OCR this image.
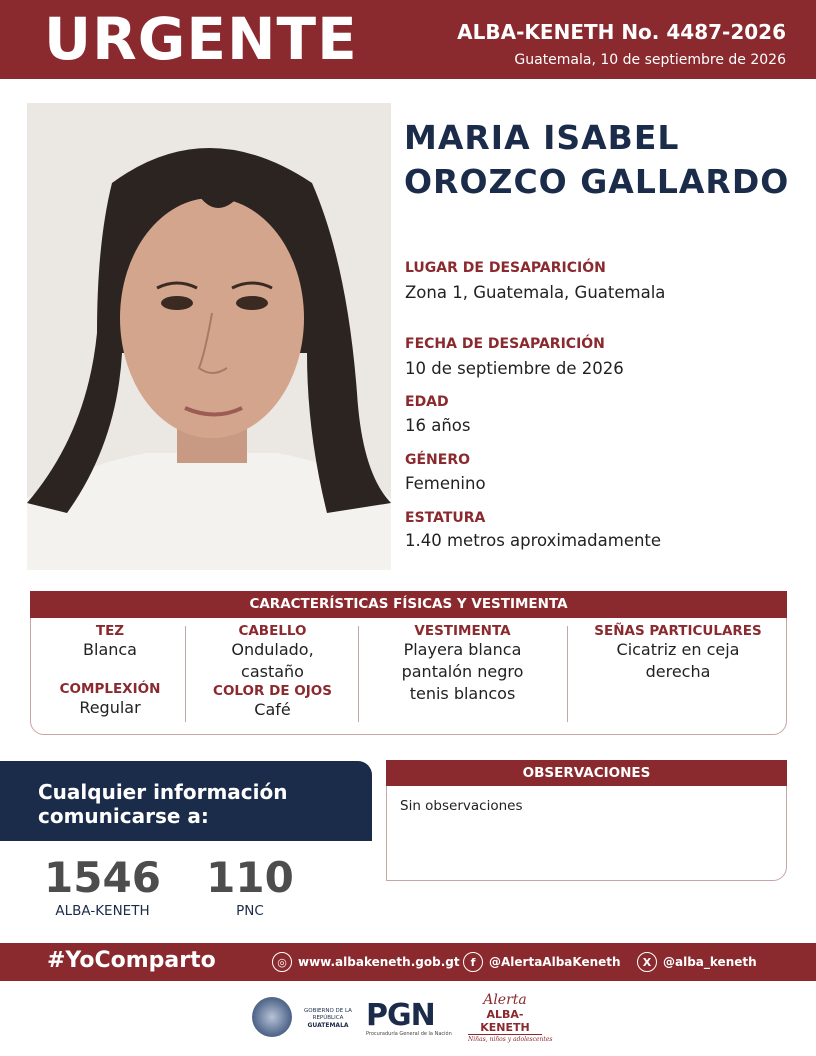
URGENTE	ALBA-KENETH No. 4487-2026
Guatemala, 10 de septiembre de 2026
MARIA ISABEL
OROZCO GALLARDO
LUGAR DE DESAPARICIÓN
Zona 1, Guatemala, Guatemala
FECHA DE DESAPARICIÓN
10 de septiembre de 2026
EDAD
16 años
GÉNERO
Femenino
ESTATURA
1.40 metros aproximadamente
CARACTERÍSTICAS FÍSICAS Y VESTIMENTA
TEZ
Blanca
COMPLEXIÓN
Regular
CABELLO
Ondulado,
castaño
COLOR DE OJOS
Café
VESTIMENTA
Playera blanca
pantalón negro
tenis blancos
SEÑAS PARTICULARES
Cicatriz en ceja
derecha
Cualquier información
comunicarse a:
1546
ALBA-KENETH
110
PNC
OBSERVACIONES
Sin observaciones
#YoComparto	◎ www.albakeneth.gob.gt	f	@AlertaAlbaKeneth	X @alba_keneth
GOBIERNO DE LA REPÚBLICA
GUATEMALA PGN
Procuraduría General de la Nación
Alerta
ALBA-KENETH
Niñas, niños y adolescentes
